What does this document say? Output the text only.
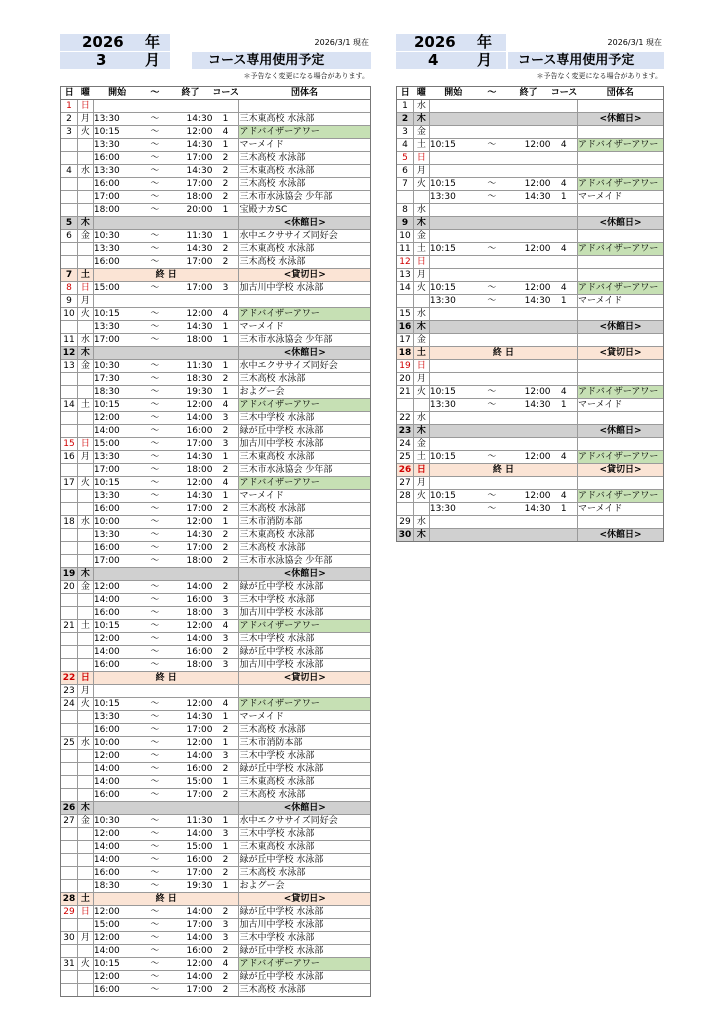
2026 年
3	月
2026/3/1 現在
コース専用使用予定
＊予告なく変更になる場合があります。
日	曜	開始	～	終了	コース	団体名
1	日					
2	月	13:30	～	14:30	1	三木東高校 水泳部
3	火	10:15	～	12:00	4	アドバイザーアワー
		13:30	～	14:30	1	マーメイド
		16:00	～	17:00	2	三木高校 水泳部
4	水	13:30	～	14:30	2	三木東高校 水泳部
		16:00	～	17:00	2	三木高校 水泳部
		17:00	～	18:00	2	三木市水泳協会 少年部
		18:00	～	20:00	1	宝殿ナカSC
5	木					<休館日>
6	金	10:30	～	11:30	1	水中エクササイズ同好会
		13:30	～	14:30	2	三木東高校 水泳部
		16:00	～	17:00	2	三木高校 水泳部
7	土	終 日				<貸切日>
8	日	15:00	～	17:00	3	加古川中学校 水泳部
9	月					
10	火	10:15	～	12:00	4	アドバイザーアワー
		13:30	～	14:30	1	マーメイド
11	水	17:00	～	18:00	1	三木市水泳協会 少年部
12	木					<休館日>
13	金	10:30	～	11:30	1	水中エクササイズ同好会
		17:30	～	18:30	2	三木高校 水泳部
		18:30	～	19:30	1	およグー会
14	土	10:15	～	12:00	4	アドバイザーアワー
		12:00	～	14:00	3	三木中学校 水泳部
		14:00	～	16:00	2	緑が丘中学校 水泳部
15	日	15:00	～	17:00	3	加古川中学校 水泳部
16	月	13:30	～	14:30	1	三木東高校 水泳部
		17:00	～	18:00	2	三木市水泳協会 少年部
17	火	10:15	～	12:00	4	アドバイザーアワー
		13:30	～	14:30	1	マーメイド
		16:00	～	17:00	2	三木高校 水泳部
18	水	10:00	～	12:00	1	三木市消防本部
		13:30	～	14:30	2	三木東高校 水泳部
		16:00	～	17:00	2	三木高校 水泳部
		17:00	～	18:00	2	三木市水泳協会 少年部
19	木					<休館日>
20	金	12:00	～	14:00	2	緑が丘中学校 水泳部
		14:00	～	16:00	3	三木中学校 水泳部
		16:00	～	18:00	3	加古川中学校 水泳部
21	土	10:15	～	12:00	4	アドバイザーアワー
		12:00	～	14:00	3	三木中学校 水泳部
		14:00	～	16:00	2	緑が丘中学校 水泳部
		16:00	～	18:00	3	加古川中学校 水泳部
22	日	終 日				<貸切日>
23	月					
24	火	10:15	～	12:00	4	アドバイザーアワー
		13:30	～	14:30	1	マーメイド
		16:00	～	17:00	2	三木高校 水泳部
25	水	10:00	～	12:00	1	三木市消防本部
		12:00	～	14:00	3	三木中学校 水泳部
		14:00	～	16:00	2	緑が丘中学校 水泳部
		14:00	～	15:00	1	三木東高校 水泳部
		16:00	～	17:00	2	三木高校 水泳部
26	木					<休館日>
27	金	10:30	～	11:30	1	水中エクササイズ同好会
		12:00	～	14:00	3	三木中学校 水泳部
		14:00	～	15:00	1	三木東高校 水泳部
		14:00	～	16:00	2	緑が丘中学校 水泳部
		16:00	～	17:00	2	三木高校 水泳部
		18:30	～	19:30	1	およグー会
28	土	終 日				<貸切日>
29	日	12:00	～	14:00	2	緑が丘中学校 水泳部
		15:00	～	17:00	3	加古川中学校 水泳部
30	月	12:00	～	14:00	3	三木中学校 水泳部
		14:00	～	16:00	2	緑が丘中学校 水泳部
31	火	10:15	～	12:00	4	アドバイザーアワー
		12:00	～	14:00	2	緑が丘中学校 水泳部
		16:00	～	17:00	2	三木高校 水泳部
2026 年
4	月
2026/3/1 現在
コース専用使用予定
＊予告なく変更になる場合があります。
日	曜	開始	～	終了	コース	団体名
1	水					
2	木					<休館日>
3	金					
4	土	10:15	～	12:00	4	アドバイザーアワー
5	日					
6	月					
7	火	10:15	～	12:00	4	アドバイザーアワー
		13:30	～	14:30	1	マーメイド
8	水					
9	木					<休館日>
10	金					
11	土	10:15	～	12:00	4	アドバイザーアワー
12	日					
13	月					
14	火	10:15	～	12:00	4	アドバイザーアワー
		13:30	～	14:30	1	マーメイド
15	水					
16	木					<休館日>
17	金					
18	土	終 日				<貸切日>
19	日					
20	月					
21	火	10:15	～	12:00	4	アドバイザーアワー
		13:30	～	14:30	1	マーメイド
22	水					
23	木					<休館日>
24	金					
25	土	10:15	～	12:00	4	アドバイザーアワー
26	日	終 日				<貸切日>
27	月					
28	火	10:15	～	12:00	4	アドバイザーアワー
		13:30	～	14:30	1	マーメイド
29	水					
30	木					<休館日>
